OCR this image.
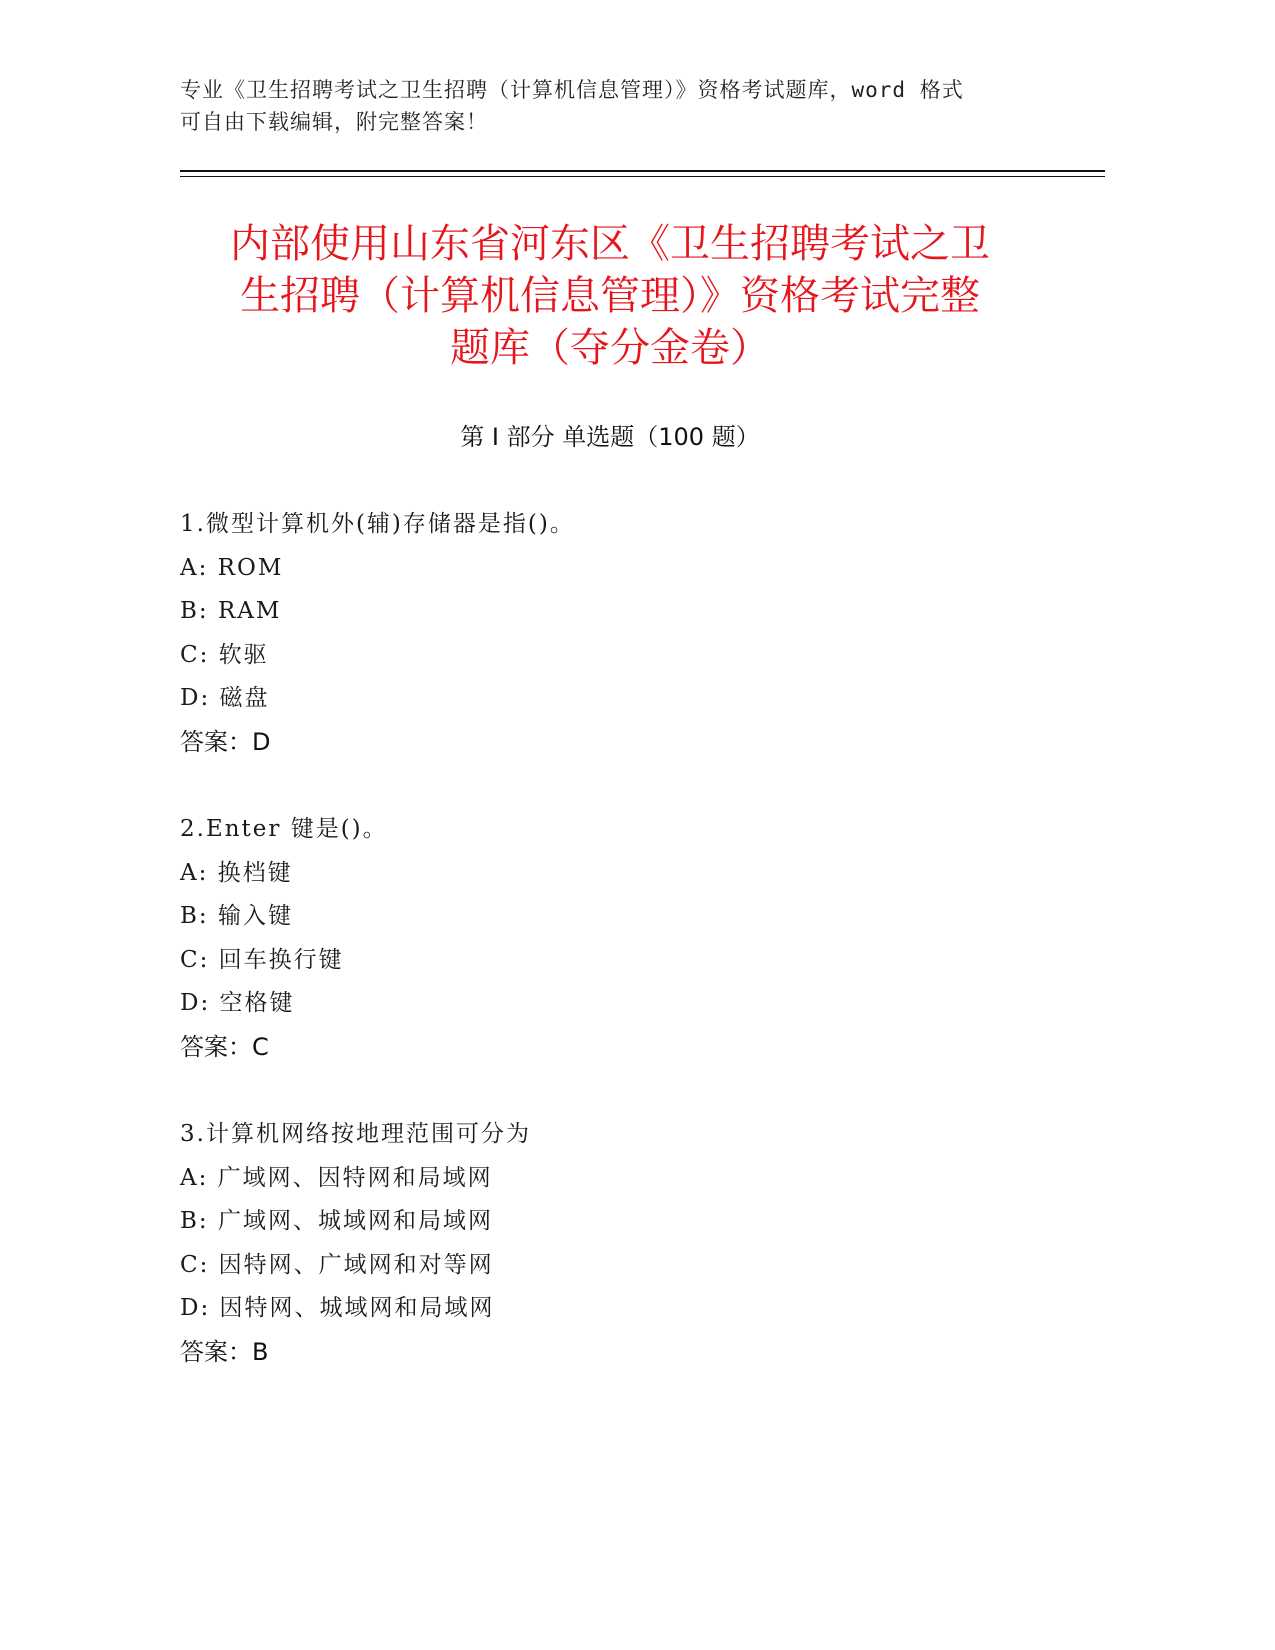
专业《卫生招聘考试之卫生招聘（计算机信息管理）》资格考试题库，word 格式
可自由下载编辑，附完整答案！
内部使用山东省河东区《卫生招聘考试之卫
生招聘（计算机信息管理）》资格考试完整
题库（夺分金卷）
第 I 部分 单选题（100 题）
1.微型计算机外(辅)存储器是指()。
A: ROM
B: RAM
C: 软驱
D: 磁盘
答案：D
2.Enter 键是()。
A: 换档键
B: 输入键
C: 回车换行键
D: 空格键
答案：C
3.计算机网络按地理范围可分为
A: 广域网、因特网和局域网
B: 广域网、城域网和局域网
C: 因特网、广域网和对等网
D: 因特网、城域网和局域网
答案：B
